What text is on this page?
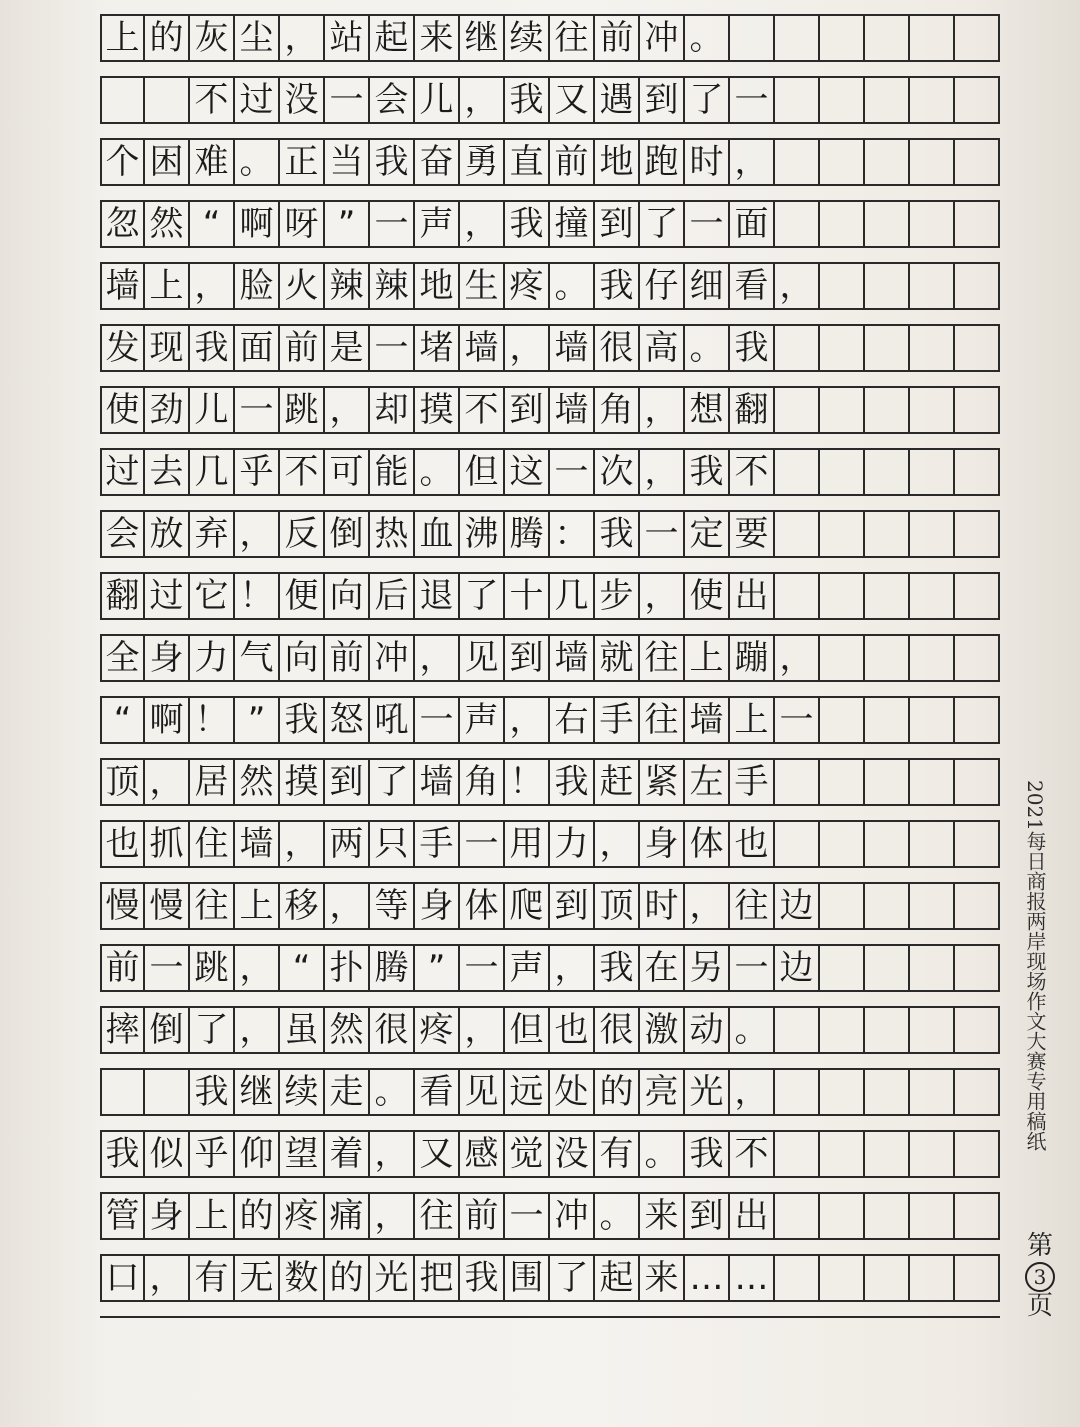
上 的 灰 尘 ， 站 起 来 继 续 往 前 冲 。

不 过 没 一 会 儿 ， 我 又 遇 到 了 一
个 困 难 。 正 当 我 奋 勇 直 前 地 跑 时 ，
忽 然 “ 啊 呀 ” 一 声 ， 我 撞 到 了 一 面
墙 上 ， 脸 火 辣 辣 地 生 疼 。 我 仔 细 看 ，
发 现 我 面 前 是 一 堵 墙 ， 墙 很 高 。 我
使 劲 儿 一 跳 ， 却 摸 不 到 墙 角 ， 想 翻
过 去 几 乎 不 可 能 。 但 这 一 次 ， 我 不
会 放 弃 ， 反 倒 热 血 沸 腾 ： 我 一 定 要
翻 过 它 ！ 便 向 后 退 了 十 几 步 ， 使 出
全 身 力 气 向 前 冲 ， 见 到 墙 就 往 上 蹦 ，
“ 啊 ！ ” 我 怒 吼 一 声 ， 右 手 往 墙 上 一
顶 ， 居 然 摸 到 了 墙 角 ！ 我 赶 紧 左 手
也 抓 住 墙 ， 两 只 手 一 用 力 ， 身 体 也
慢 慢 往 上 移 ， 等 身 体 爬 到 顶 时 ， 往 边
前 一 跳 ， “ 扑 腾 ” 一 声 ， 我 在 另 一 边
摔 倒 了 ， 虽 然 很 疼 ， 但 也 很 激 动 。

我 继 续 走 。 看 见 远 处 的 亮 光 ，
我 似 乎 仰 望 着 ， 又 感 觉 没 有 。 我 不
管 身 上 的 疼 痛 ， 往 前 一 冲 。 来 到 出
口 ， 有 无 数 的 光 把 我 围 了 起 来 … …
2021每日商报两岸现场作文大赛专用稿纸
第
3
页
